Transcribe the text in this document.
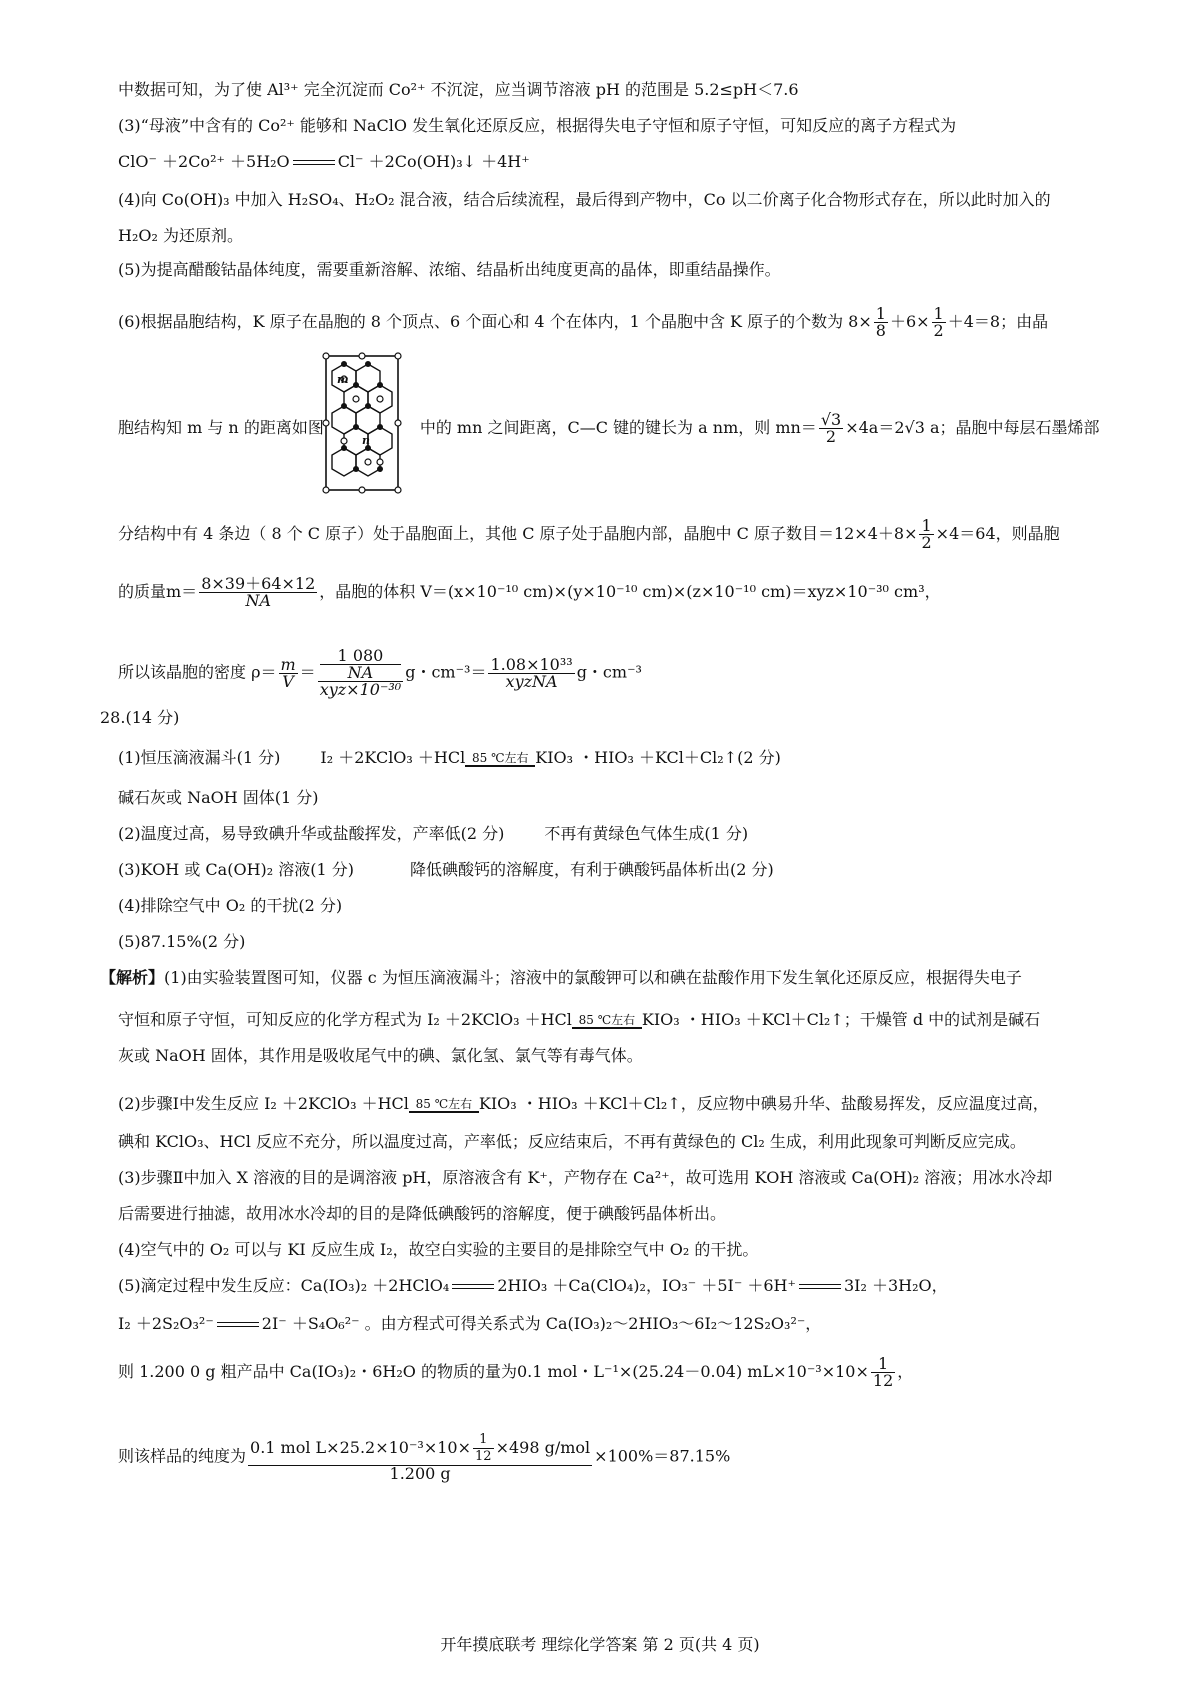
中数据可知，为了使 Al³⁺ 完全沉淀而 Co²⁺ 不沉淀，应当调节溶液 pH 的范围是 5.2≤pH＜7.6
(3)“母液”中含有的 Co²⁺ 能够和 NaClO 发生氧化还原反应，根据得失电子守恒和原子守恒，可知反应的离子方程式为
ClO⁻ ＋2Co²⁺ ＋5H₂O	Cl⁻ ＋2Co(OH)₃↓ ＋4H⁺
(4)向 Co(OH)₃ 中加入 H₂SO₄、H₂O₂ 混合液，结合后续流程，最后得到产物中，Co 以二价离子化合物形式存在，所以此时加入的
H₂O₂ 为还原剂。
(5)为提高醋酸钴晶体纯度，需要重新溶解、浓缩、结晶析出纯度更高的晶体，即重结晶操作。
(6)根据晶胞结构，K 原子在晶胞的 8 个顶点、6 个面心和 4 个在体内，1 个晶胞中含 K 原子的个数为 $8\times \frac{1}{8} +6\times \frac{1}{2} +4=8$；由晶
m
n
胞结构知 m 与 n 的距离如图	中的 mn 之间距离，C—C 键的键长为 a nm，则 $mn= \frac{√3}{2} \times 4a=2√3$ a；晶胞中每层石墨烯部
分结构中有 4 条边（ 8 个 C 原子）处于晶胞面上，其他 C 原子处于晶胞内部，晶胞中 C 原子数目$=12\times 4+8\times \frac{1}{2} \times 4=64$，则晶胞
的质量$m= \frac{8\times 39+64\times 12}{NA}$ ，晶胞的体积 V＝(x×10⁻¹⁰ cm)×(y×10⁻¹⁰ cm)×(z×10⁻¹⁰ cm)＝xyz×10⁻³⁰ cm³，
所以该晶胞的密度 $\rho= \frac{m}{V} = 1$ 080
NA
xyz×10⁻³⁰ g・$cm^{-3}= \frac{\text{1.08×10³³}}{\text{xyzNA}}$ g・cm⁻³
28.(14 分)
(1)恒压滴液漏斗(1 分)	I₂ ＋2KClO₃ ＋HCl 85 ℃左右 KIO₃ ・HIO₃ ＋KCl＋Cl₂↑(2 分)
碱石灰或 NaOH 固体(1 分)
(2)温度过高，易导致碘升华或盐酸挥发，产率低(2 分)	不再有黄绿色气体生成(1 分)
(3)KOH 或 Ca(OH)₂ 溶液(1 分)	降低碘酸钙的溶解度，有利于碘酸钙晶体析出(2 分)
(4)排除空气中 O₂ 的干扰(2 分)
(5)87.15%(2 分)
【解析】(1)由实验装置图可知，仪器 c 为恒压滴液漏斗；溶液中的氯酸钾可以和碘在盐酸作用下发生氧化还原反应，根据得失电子
守恒和原子守恒，可知反应的化学方程式为 I₂ ＋2KClO₃ ＋HCl 85 ℃左右 KIO₃ ・HIO₃ ＋KCl＋Cl₂↑；干燥管 d 中的试剂是碱石
灰或 NaOH 固体，其作用是吸收尾气中的碘、氯化氢、氯气等有毒气体。
(2)步骤Ⅰ中发生反应 I₂ ＋2KClO₃ ＋HCl 85 ℃左右 KIO₃ ・HIO₃ ＋KCl＋Cl₂↑，反应物中碘易升华、盐酸易挥发，反应温度过高，
碘和 KClO₃、HCl 反应不充分，所以温度过高，产率低；反应结束后，不再有黄绿色的 Cl₂ 生成，利用此现象可判断反应完成。
(3)步骤Ⅱ中加入 X 溶液的目的是调溶液 pH，原溶液含有 K⁺，产物存在 Ca²⁺，故可选用 KOH 溶液或 Ca(OH)₂ 溶液；用冰水冷却
后需要进行抽滤，故用冰水冷却的目的是降低碘酸钙的溶解度，便于碘酸钙晶体析出。
(4)空气中的 O₂ 可以与 KI 反应生成 I₂，故空白实验的主要目的是排除空气中 O₂ 的干扰。
(5)滴定过程中发生反应：Ca(IO₃)₂ ＋2HClO₄	2HIO₃ ＋Ca(ClO₄)₂，IO₃⁻ ＋5I⁻ ＋6H⁺	3I₂ ＋3H₂O，
I₂ ＋2S₂O₃²⁻	2I⁻ ＋S₄O₆²⁻ 。由方程式可得关系式为 Ca(IO₃)₂～2HIO₃～6I₂～12S₂O₃²⁻，
则 1.200 0 g 粗产品中 Ca(IO₃)₂・6H₂O 的物质的量为0.1 mol・L⁻¹×(25.24－0.04) $mL\times 10^{-3}\times 10\times \frac{1}{12}$ ，
则该样品的纯度为 $\frac{0.1 mol L\times 25.2\times 10^{-3}\times 10\times \frac{1}{12} \times 498 g/mol}{1.200 g} \times 100\%=87.15\%$
开年摸底联考 理综化学答案 第 2 页(共 4 页)
